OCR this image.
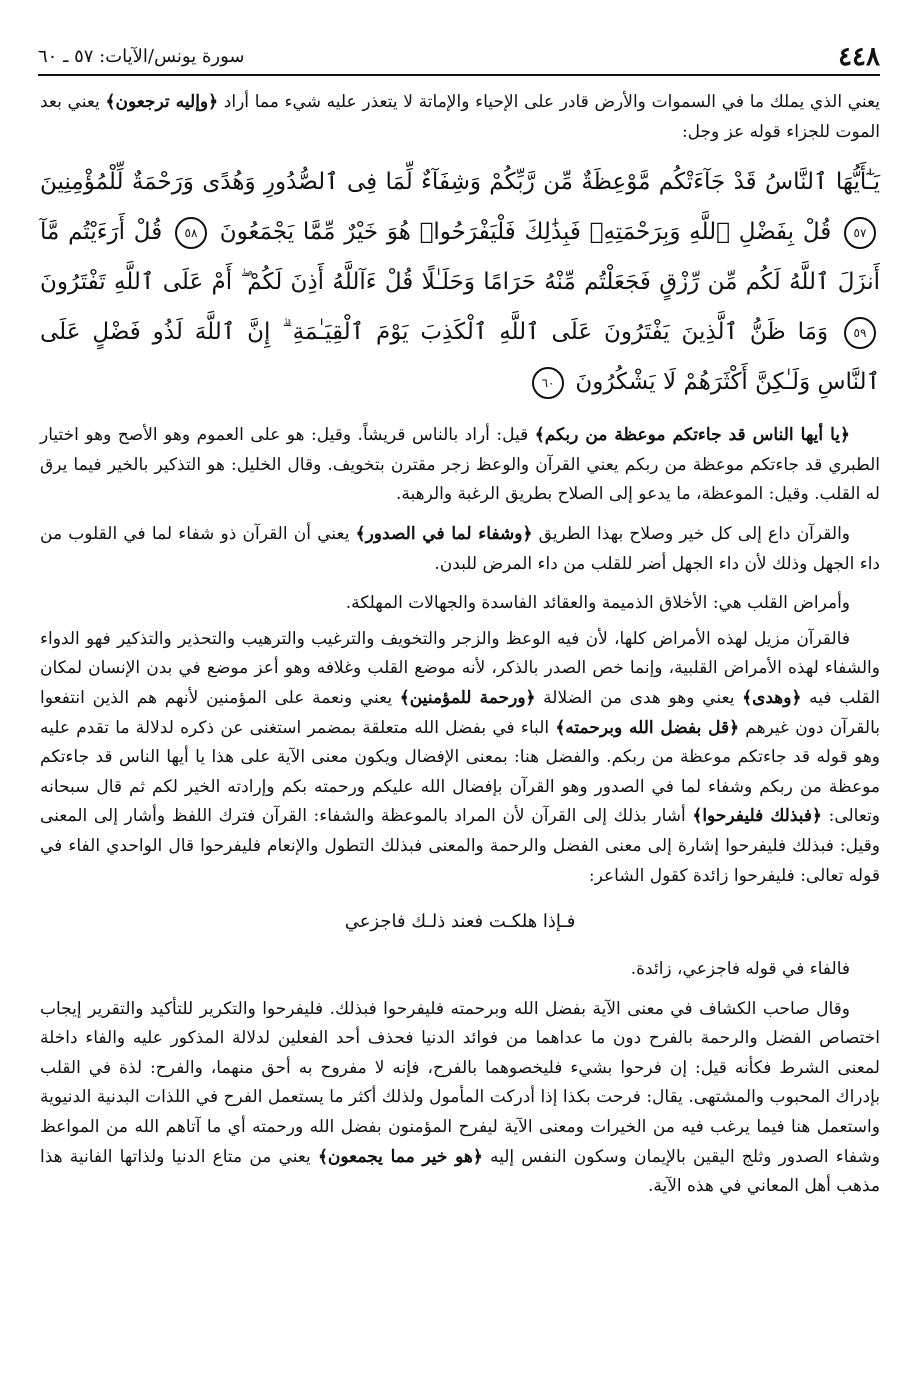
٤٤٨
سورة يونس/الآيات: ٥٧ ـ ٦٠

يعني الذي يملك ما في السموات والأرض قادر على الإحياء والإماتة لا يتعذر عليه شيء مما أراد ﴿وإليه ترجعون﴾ يعني بعد الموت للجزاء قوله عز وجل:

يَـٰٓأَيُّهَا ٱلنَّاسُ قَدْ جَآءَتْكُم مَّوْعِظَةٌ مِّن رَّبِّكُمْ وَشِفَآءٌ لِّمَا فِى ٱلصُّدُورِ وَهُدًى وَرَحْمَةٌ لِّلْمُؤْمِنِينَ ٥٧ قُلْ بِفَضْلِ ٱللَّهِ وَبِرَحْمَتِهِۦ فَبِذَٰلِكَ فَلْيَفْرَحُوا۟ هُوَ خَيْرٌ مِّمَّا يَجْمَعُونَ ٥٨ قُلْ أَرَءَيْتُم مَّآ أَنزَلَ ٱللَّهُ لَكُم مِّن رِّزْقٍ فَجَعَلْتُم مِّنْهُ حَرَامًا وَحَلَـٰلًا قُلْ ءَآللَّهُ أَذِنَ لَكُمْ ۖ أَمْ عَلَى ٱللَّهِ تَفْتَرُونَ ٥٩ وَمَا ظَنُّ ٱلَّذِينَ يَفْتَرُونَ عَلَى ٱللَّهِ ٱلْكَذِبَ يَوْمَ ٱلْقِيَـٰمَةِ ۗ إِنَّ ٱللَّهَ لَذُو فَضْلٍ عَلَى ٱلنَّاسِ وَلَـٰكِنَّ أَكْثَرَهُمْ لَا يَشْكُرُونَ ٦٠

﴿يا أيها الناس قد جاءتكم موعظة من ربكم﴾ قيل: أراد بالناس قريشاً. وقيل: هو على العموم وهو الأصح وهو اختيار الطبري قد جاءتكم موعظة من ربكم يعني القرآن والوعظ زجر مقترن بتخويف. وقال الخليل: هو التذكير بالخير فيما يرق له القلب. وقيل: الموعظة، ما يدعو إلى الصلاح بطريق الرغبة والرهبة.

والقرآن داع إلى كل خير وصلاح بهذا الطريق ﴿وشفاء لما في الصدور﴾ يعني أن القرآن ذو شفاء لما في القلوب من داء الجهل وذلك لأن داء الجهل أضر للقلب من داء المرض للبدن.

وأمراض القلب هي: الأخلاق الذميمة والعقائد الفاسدة والجهالات المهلكة.

فالقرآن مزيل لهذه الأمراض كلها، لأن فيه الوعظ والزجر والتخويف والترغيب والترهيب والتحذير والتذكير فهو الدواء والشفاء لهذه الأمراض القلبية، وإنما خص الصدر بالذكر، لأنه موضع القلب وغلافه وهو أعز موضع في بدن الإنسان لمكان القلب فيه ﴿وهدى﴾ يعني وهو هدى من الضلالة ﴿ورحمة للمؤمنين﴾ يعني ونعمة على المؤمنين لأنهم هم الذين انتفعوا بالقرآن دون غيرهم ﴿قل بفضل الله وبرحمته﴾ الباء في بفضل الله متعلقة بمضمر استغنى عن ذكره لدلالة ما تقدم عليه وهو قوله قد جاءتكم موعظة من ربكم. والفضل هنا: بمعنى الإفضال ويكون معنى الآية على هذا يا أيها الناس قد جاءتكم موعظة من ربكم وشفاء لما في الصدور وهو القرآن بإفضال الله عليكم ورحمته بكم وإرادته الخير لكم ثم قال سبحانه وتعالى: ﴿فبذلك فليفرحوا﴾ أشار بذلك إلى القرآن لأن المراد بالموعظة والشفاء: القرآن فترك اللفظ وأشار إلى المعنى وقيل: فبذلك فليفرحوا إشارة إلى معنى الفضل والرحمة والمعنى فبذلك التطول والإنعام فليفرحوا قال الواحدي الفاء في قوله تعالى: فليفرحوا زائدة كقول الشاعر:

فـإذا هلكـت فعند ذلـك فاجزعي

فالفاء في قوله فاجزعي، زائدة.

وقال صاحب الكشاف في معنى الآية بفضل الله وبرحمته فليفرحوا فبذلك. فليفرحوا والتكرير للتأكيد والتقرير إيجاب اختصاص الفضل والرحمة بالفرح دون ما عداهما من فوائد الدنيا فحذف أحد الفعلين لدلالة المذكور عليه والفاء داخلة لمعنى الشرط فكأنه قيل: إن فرحوا بشيء فليخصوهما بالفرح، فإنه لا مفروح به أحق منهما، والفرح: لذة في القلب بإدراك المحبوب والمشتهى. يقال: فرحت بكذا إذا أدركت المأمول ولذلك أكثر ما يستعمل الفرح في اللذات البدنية الدنيوية واستعمل هنا فيما يرغب فيه من الخيرات ومعنى الآية ليفرح المؤمنون بفضل الله ورحمته أي ما آتاهم الله من المواعظ وشفاء الصدور وثلج اليقين بالإيمان وسكون النفس إليه ﴿هو خير مما يجمعون﴾ يعني من متاع الدنيا ولذاتها الفانية هذا مذهب أهل المعاني في هذه الآية.
